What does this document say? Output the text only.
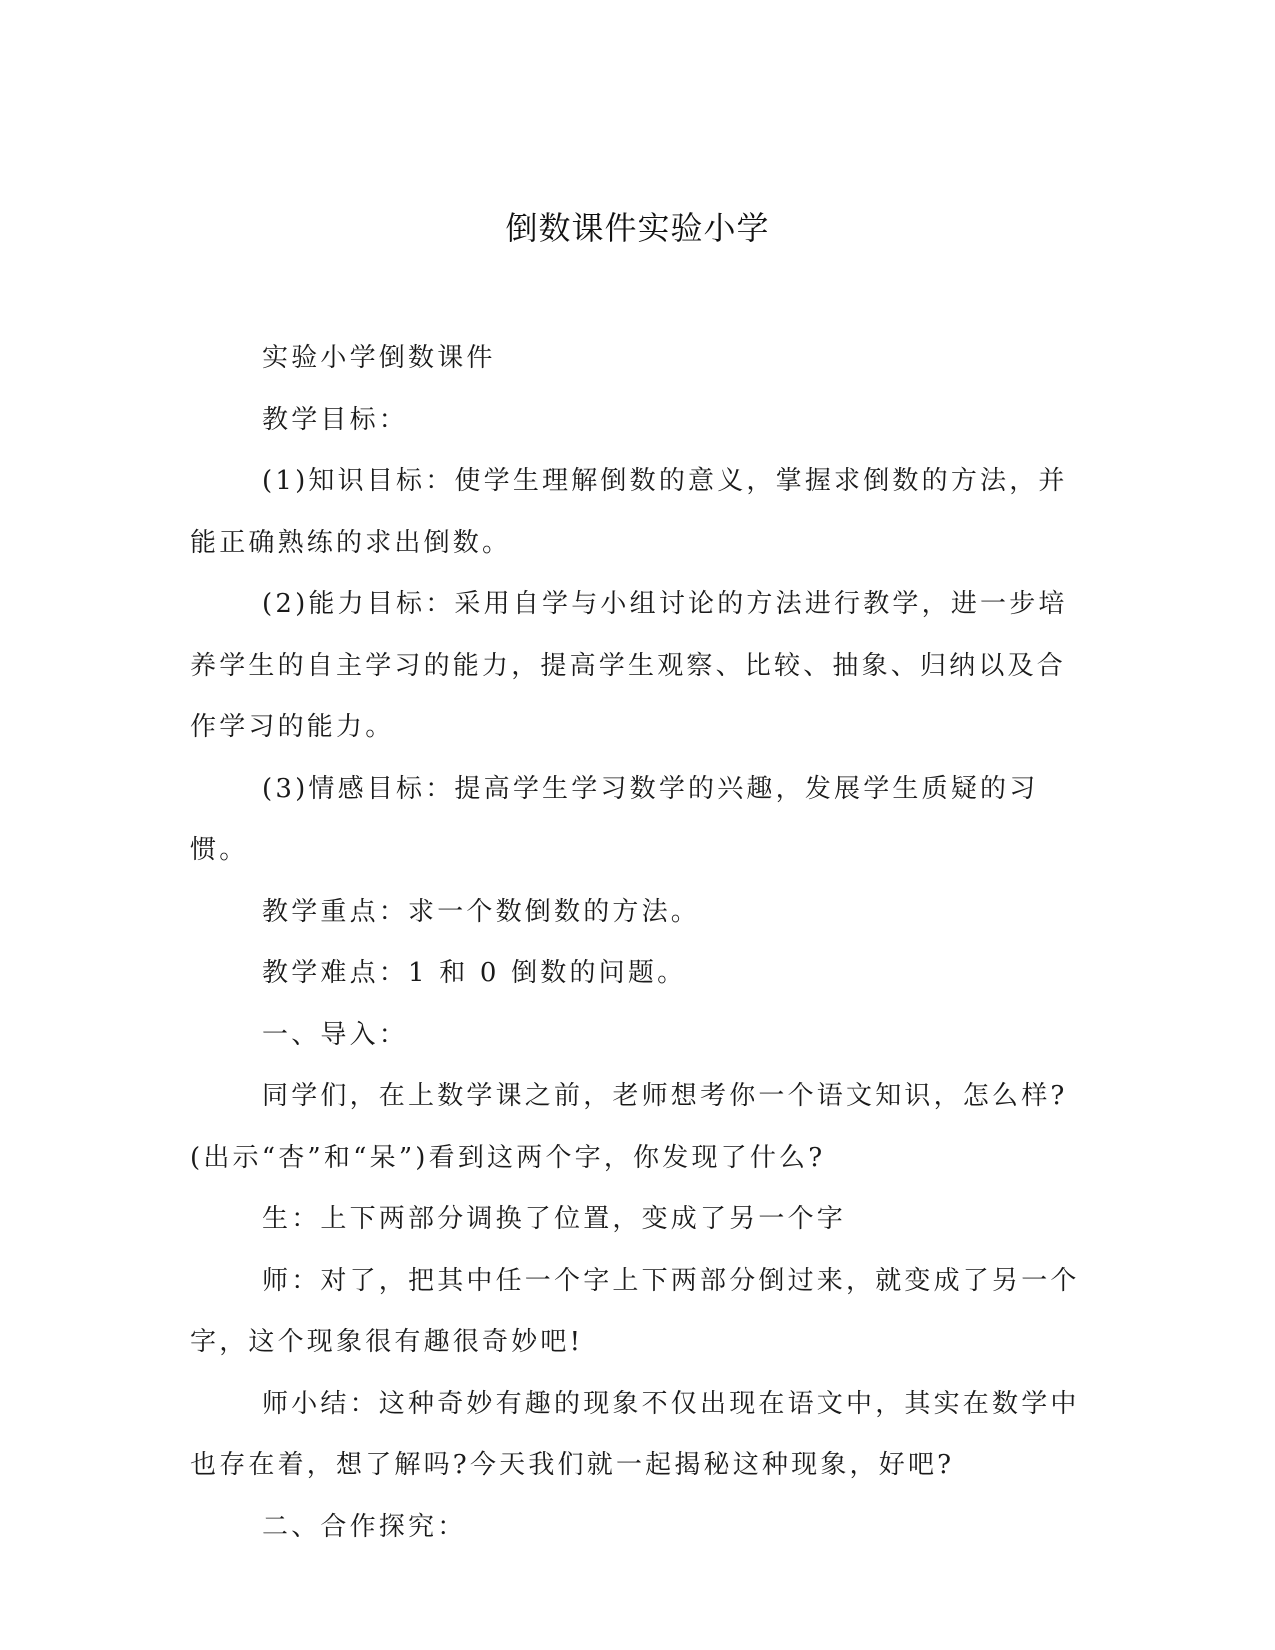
倒数课件实验小学

实验小学倒数课件

教学目标：

(1)知识目标：使学生理解倒数的意义，掌握求倒数的方法，并能正确熟练的求出倒数。

(2)能力目标：采用自学与小组讨论的方法进行教学，进一步培养学生的自主学习的能力，提高学生观察、比较、抽象、归纳以及合作学习的能力。

(3)情感目标：提高学生学习数学的兴趣，发展学生质疑的习惯。

教学重点：求一个数倒数的方法。

教学难点：1 和 0 倒数的问题。

一、导入：

同学们，在上数学课之前，老师想考你一个语文知识，怎么样?(出示“杏”和“呆”)看到这两个字，你发现了什么?

生：上下两部分调换了位置，变成了另一个字

师：对了，把其中任一个字上下两部分倒过来，就变成了另一个字，这个现象很有趣很奇妙吧!

师小结：这种奇妙有趣的现象不仅出现在语文中，其实在数学中也存在着，想了解吗?今天我们就一起揭秘这种现象，好吧?

二、合作探究：
